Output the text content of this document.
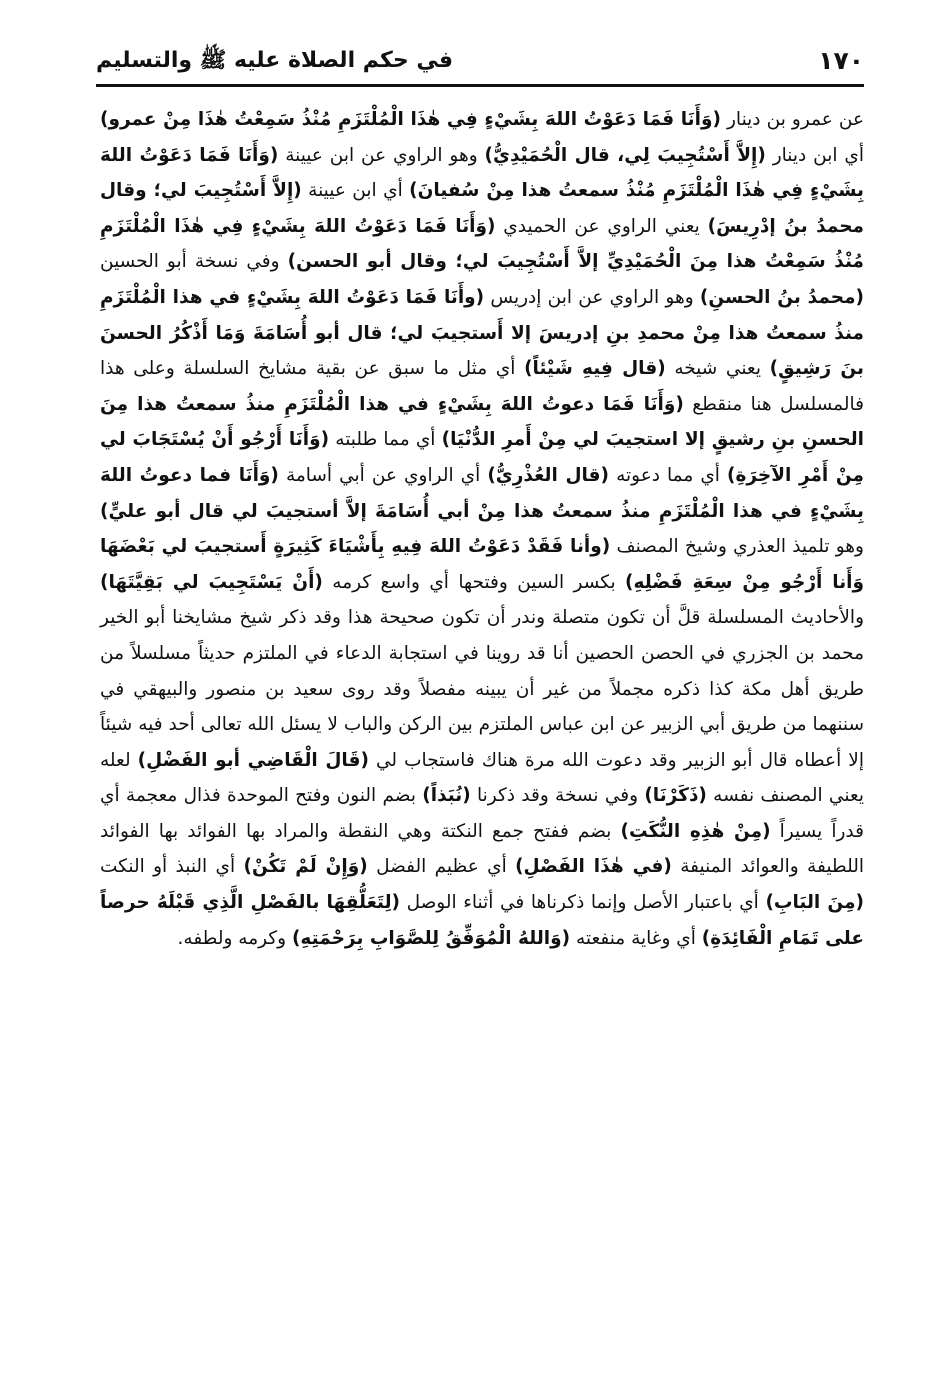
١٧٠
في حكم الصلاة عليه ﷺ والتسليم

عن عمرو بن دينار (وَأَنَا فَمَا دَعَوْتُ اللهَ بِشَيْءٍ فِي هٰذَا الْمُلْتَزَمِ مُنْذُ سَمِعْتُ هٰذَا مِنْ عمرو) أي ابن دينار (إِلاَّ أَسْتُجِيبَ لِي، قال الْحُمَيْدِيُّ) وهو الراوي عن ابن عيينة (وَأَنَا فَمَا دَعَوْتُ اللهَ بِشَيْءٍ فِي هٰذَا الْمُلْتَزَمِ مُنْذُ سمعتُ هذا مِنْ سُفيانَ) أي ابن عيينة (إِلاَّ أَسْتُجِيبَ لي؛ وقال محمدُ بنُ إدْرِيسَ) يعني الراوي عن الحميدي (وَأَنَا فَمَا دَعَوْتُ اللهَ بِشَيْءٍ فِي هٰذَا الْمُلْتَزَمِ مُنْذُ سَمِعْتُ هذا مِنَ الْحُمَيْدِيِّ إلاَّ أَسْتُجِيبَ لي؛ وقال أبو الحسن) وفي نسخة أبو الحسين (محمدُ بنُ الحسنِ) وهو الراوي عن ابن إدريس (وأَنَا فَمَا دَعَوْتُ اللهَ بِشَيْءٍ في هذا الْمُلْتَزَمِ منذُ سمعتُ هذا مِنْ محمدِ بنِ إدريسَ إلا أَستجيبَ لي؛ قال أبو أُسَامَةَ وَمَا أَذْكُرُ الحسنَ بنَ رَشِيقٍ) يعني شيخه (قال فِيهِ شَيْئاً) أي مثل ما سبق عن بقية مشايخ السلسلة وعلى هذا فالمسلسل هنا منقطع (وَأَنَا فَمَا دعوتُ اللهَ بِشَيْءٍ في هذا الْمُلْتَزَمِ منذُ سمعتُ هذا مِنَ الحسنِ بنِ رشيقٍ إلا استجيبَ لي مِنْ أَمرِ الدُّنْيَا) أي مما طلبته (وَأَنَا أَرْجُو أَنْ يُسْتَجَابَ لي مِنْ أَمْرِ الآخِرَةِ) أي مما دعوته (قال العُذْرِيُّ) أي الراوي عن أبي أسامة (وَأَنَا فما دعوتُ اللهَ بِشَيْءٍ في هذا الْمُلْتَزَمِ منذُ سمعتُ هذا مِنْ أبي أُسَامَةَ إلاَّ أستجيبَ لي قال أبو عليٍّ) وهو تلميذ العذري وشيخ المصنف (وأنا فَقَدْ دَعَوْتُ اللهَ فِيهِ بِأَشْيَاءَ كَثِيرَةٍ أَستجيبَ لي بَعْضَهَا وَأَنا أَرْجُو مِنْ سِعَةِ فَضْلِهِ) بكسر السين وفتحها أي واسع كرمه (أَنْ يَسْتَجِيبَ لي بَقِيَّتَهَا) والأحاديث المسلسلة قلَّ أن تكون متصلة وندر أن تكون صحيحة هذا وقد ذكر شيخ مشايخنا أبو الخير محمد بن الجزري في الحصن الحصين أنا قد روينا في استجابة الدعاء في الملتزم حديثاً مسلسلاً من طريق أهل مكة كذا ذكره مجملاً من غير أن يبينه مفصلاً وقد روى سعيد بن منصور والبيهقي في سننهما من طريق أبي الزبير عن ابن عباس الملتزم بين الركن والباب لا يسئل الله تعالى أحد فيه شيئاً إلا أعطاه قال أبو الزبير وقد دعوت الله مرة هناك فاستجاب لي (قَالَ الْقَاضِي أبو الفَضْلِ) لعله يعني المصنف نفسه (ذَكَرْنَا) وفي نسخة وقد ذكرنا (نُبَذاً) بضم النون وفتح الموحدة فذال معجمة أي قدراً يسيراً (مِنْ هٰذِهِ النُّكَتِ) بضم ففتح جمع النكتة وهي النقطة والمراد بها الفوائد بها الفوائد اللطيفة والعوائد المنيفة (في هٰذَا الفَصْلِ) أي عظيم الفضل (وَإِنْ لَمْ تَكُنْ) أي النبذ أو النكت (مِنَ البَابِ) أي باعتبار الأصل وإنما ذكرناها في أثناء الوصل (لِتَعَلُّقِهَا بالفَصْلِ الَّذِي قَبْلَهُ حرصاً على تَمَامِ الْفَائِدَةِ) أي وغاية منفعته (وَاللهُ الْمُوَفِّقُ لِلصَّوَابِ بِرَحْمَتِهِ) وكرمه ولطفه.
